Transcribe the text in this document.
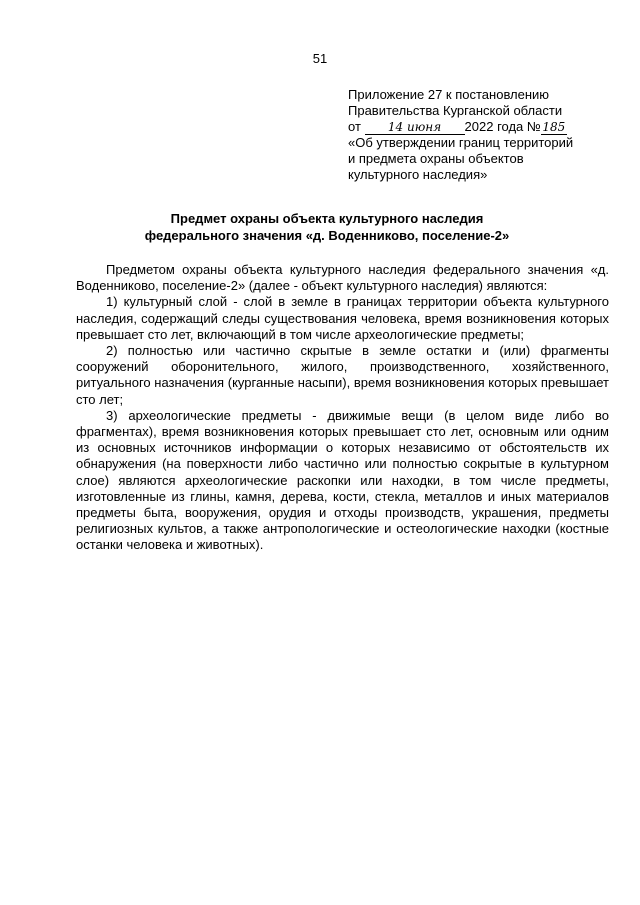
51
Приложение 27 к постановлению
Правительства Курганской области
от 14 июня 2022 года № 185
«Об утверждении границ территорий
и предмета охраны объектов
культурного наследия»
Предмет охраны объекта культурного наследия
федерального значения «д. Воденниково, поселение-2»

Предметом охраны объекта культурного наследия федерального значения «д. Воденниково, поселение-2» (далее - объект культурного наследия) являются:

1) культурный слой - слой в земле в границах территории объекта культурного наследия, содержащий следы существования человека, время возникновения которых превышает сто лет, включающий в том числе археологические предметы;

2) полностью или частично скрытые в земле остатки и (или) фрагменты сооружений оборонительного, жилого, производственного, хозяйственного, ритуального назначения (курганные насыпи), время возникновения которых превышает сто лет;

3) археологические предметы - движимые вещи (в целом виде либо во фрагментах), время возникновения которых превышает сто лет, основным или одним из основных источников информации о которых независимо от обстоятельств их обнаружения (на поверхности либо частично или полностью сокрытые в культурном слое) являются археологические раскопки или находки, в том числе предметы, изготовленные из глины, камня, дерева, кости, стекла, металлов и иных материалов предметы быта, вооружения, орудия и отходы производств, украшения, предметы религиозных культов, а также антропологические и остеологические находки (костные останки человека и животных).
